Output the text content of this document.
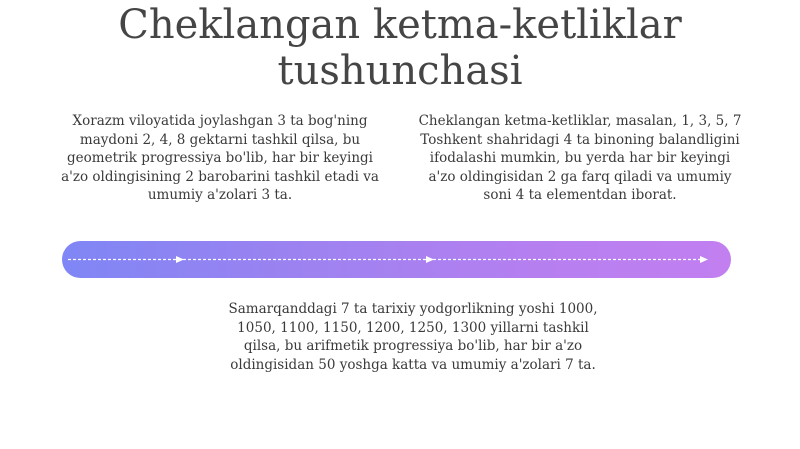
Cheklangan ketma-ketliklar tushunchasi

Xorazm viloyatida joylashgan 3 ta bog'ning maydoni 2, 4, 8 gektarni tashkil qilsa, bu geometrik progressiya bo'lib, har bir keyingi a'zo oldingisining 2 barobarini tashkil etadi va umumiy a'zolari 3 ta.

Cheklangan ketma-ketliklar, masalan, 1, 3, 5, 7 Toshkent shahridagi 4 ta binoning balandligini ifodalashi mumkin, bu yerda har bir keyingi a'zo oldingisidan 2 ga farq qiladi va umumiy soni 4 ta elementdan iborat.

Samarqanddagi 7 ta tarixiy yodgorlikning yoshi 1000, 1050, 1100, 1150, 1200, 1250, 1300 yillarni tashkil qilsa, bu arifmetik progressiya bo'lib, har bir a'zo oldingisidan 50 yoshga katta va umumiy a'zolari 7 ta.
